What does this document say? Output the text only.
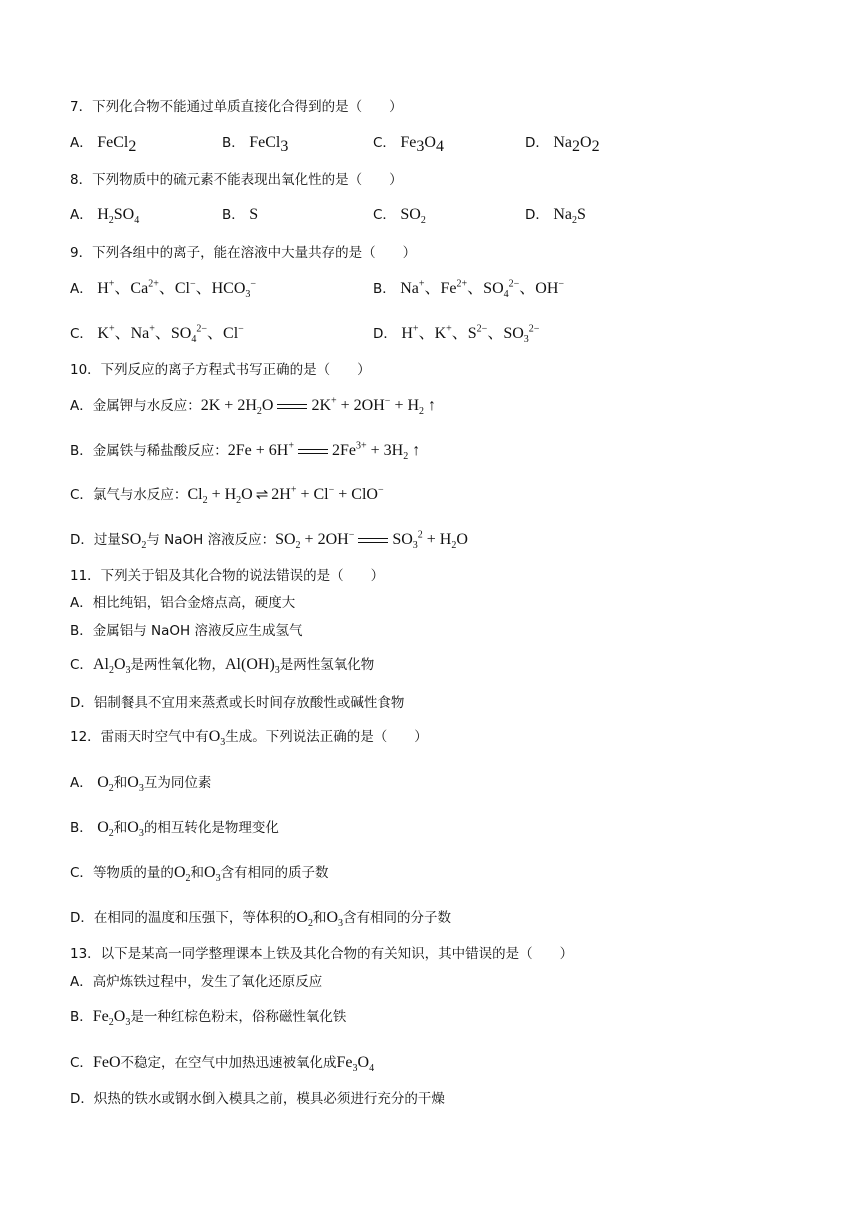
7．下列化合物不能通过单质直接化合得到的是（　　）
A． FeCl$_2$	B． FeCl$_3$	C． $Fe_3O_4$	D． $Na_2O_2$
8．下列物质中的硫元素不能表现出氧化性的是（　　）
A． $H_2SO_4$	B． S	C． $SO_2$	D． $Na_2S$
9．下列各组中的离子，能在溶液中大量共存的是（　　）
A． H+、$Ca^{2+}$、Cl−、$HCO_3^-$	B． Na+、$Fe^{2+}$、$SO_4^{2-}$、OH−
C． K+、Na+、$SO_4^{2-}$、Cl−	D． H+、K+、$S^{2-}$、$SO_3^{2-}$
10．下列反应的离子方程式书写正确的是（　　）
A．金属钾与水反应：$2K + 2H_2O$ $2K^+ + 2OH^- + H_2$ ↑
B．金属铁与稀盐酸反应：2Fe + 6H+ $2Fe^{3+} + 3H_2$ ↑
C．氯气与水反应：$Cl_2 + H_2O$ ⇌ 2H+ + Cl− + ClO−
D．过量$SO_2$与 NaOH 溶液反应：$SO_2 + 2OH^-$ $SO_3^2 + H_2O$
11．下列关于铝及其化合物的说法错误的是（　　）
A．相比纯铝，铝合金熔点高，硬度大
B．金属铝与 NaOH 溶液反应生成氢气
C．$Al_2O_3$是两性氧化物，$Al(OH)_3$是两性氢氧化物
D．铝制餐具不宜用来蒸煮或长时间存放酸性或碱性食物
12．雷雨天时空气中有$O_3$生成。下列说法正确的是（　　）
A． $O_2$和$O_3$互为同位素
B． $O_2$和$O_3$的相互转化是物理变化
C．等物质的量的$O_2$和$O_3$含有相同的质子数
D．在相同的温度和压强下，等体积的$O_2$和$O_3$含有相同的分子数
13．以下是某高一同学整理课本上铁及其化合物的有关知识，其中错误的是（　　）
A．高炉炼铁过程中，发生了氧化还原反应
B．$Fe_2O_3$是一种红棕色粉末，俗称磁性氧化铁
C．FeO不稳定，在空气中加热迅速被氧化成$Fe_3O_4$
D．炽热的铁水或钢水倒入模具之前，模具必须进行充分的干燥
